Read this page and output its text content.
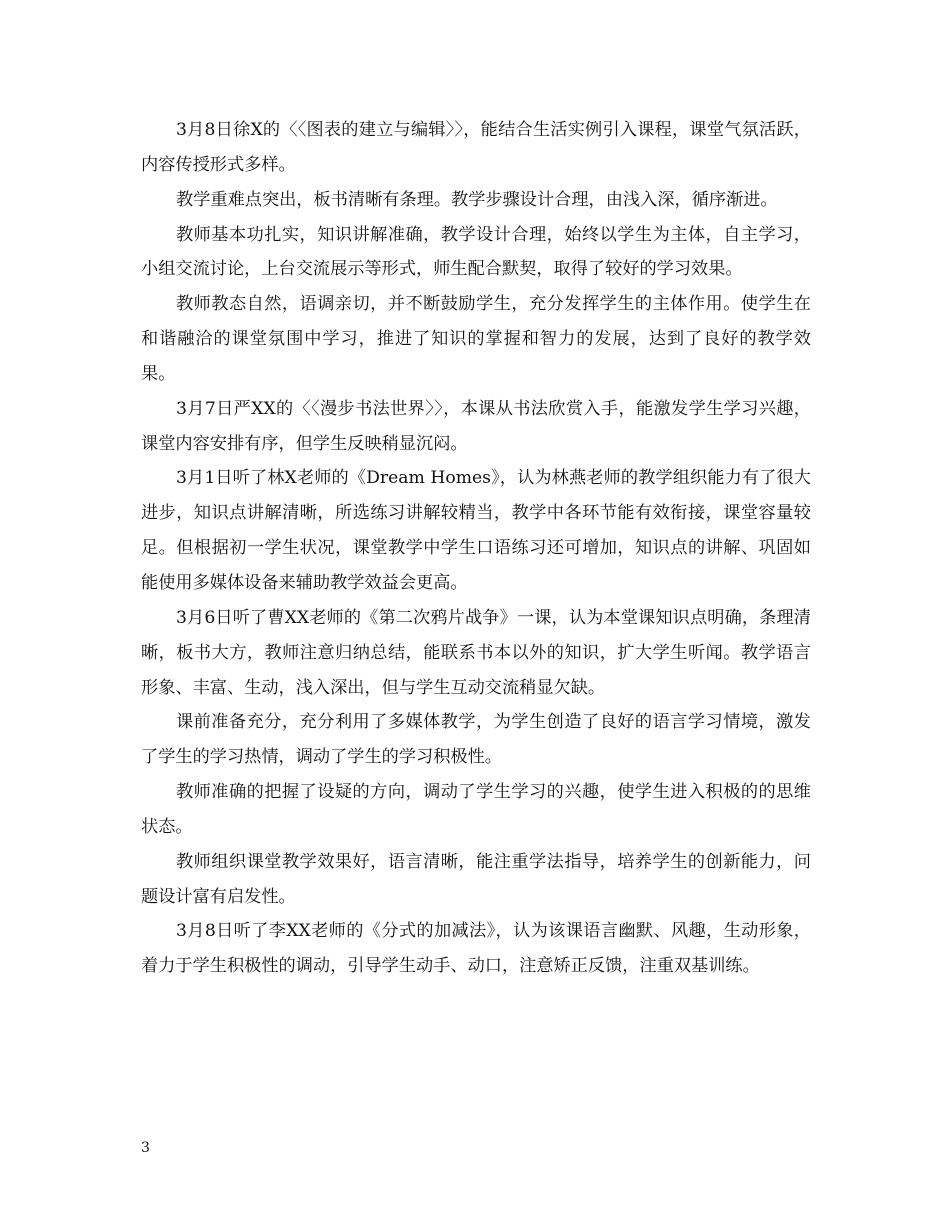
3月8日徐X的〈〈图表的建立与编辑〉〉，能结合生活实例引入课程，课堂气氛活跃，内容传授形式多样。

教学重难点突出，板书清晰有条理。教学步骤设计合理，由浅入深，循序渐进。

教师基本功扎实，知识讲解准确，教学设计合理，始终以学生为主体，自主学习，小组交流讨论，上台交流展示等形式，师生配合默契，取得了较好的学习效果。

教师教态自然，语调亲切，并不断鼓励学生，充分发挥学生的主体作用。使学生在和谐融洽的课堂氛围中学习，推进了知识的掌握和智力的发展，达到了良好的教学效果。

3月7日严XX的〈〈漫步书法世界〉〉，本课从书法欣赏入手，能激发学生学习兴趣，课堂内容安排有序，但学生反映稍显沉闷。

3月1日听了林X老师的《Dream Homes》，认为林燕老师的教学组织能力有了很大进步，知识点讲解清晰，所选练习讲解较精当，教学中各环节能有效衔接，课堂容量较足。但根据初一学生状况，课堂教学中学生口语练习还可增加，知识点的讲解、巩固如能使用多媒体设备来辅助教学效益会更高。

3月6日听了曹XX老师的《第二次鸦片战争》一课，认为本堂课知识点明确，条理清晰，板书大方，教师注意归纳总结，能联系书本以外的知识，扩大学生听闻。教学语言形象、丰富、生动，浅入深出，但与学生互动交流稍显欠缺。

课前准备充分，充分利用了多媒体教学，为学生创造了良好的语言学习情境，激发了学生的学习热情，调动了学生的学习积极性。

教师准确的把握了设疑的方向，调动了学生学习的兴趣，使学生进入积极的的思维状态。

教师组织课堂教学效果好，语言清晰，能注重学法指导，培养学生的创新能力，问题设计富有启发性。

3月8日听了李XX老师的《分式的加减法》，认为该课语言幽默、风趣，生动形象，着力于学生积极性的调动，引导学生动手、动口，注意矫正反馈，注重双基训练。

3
